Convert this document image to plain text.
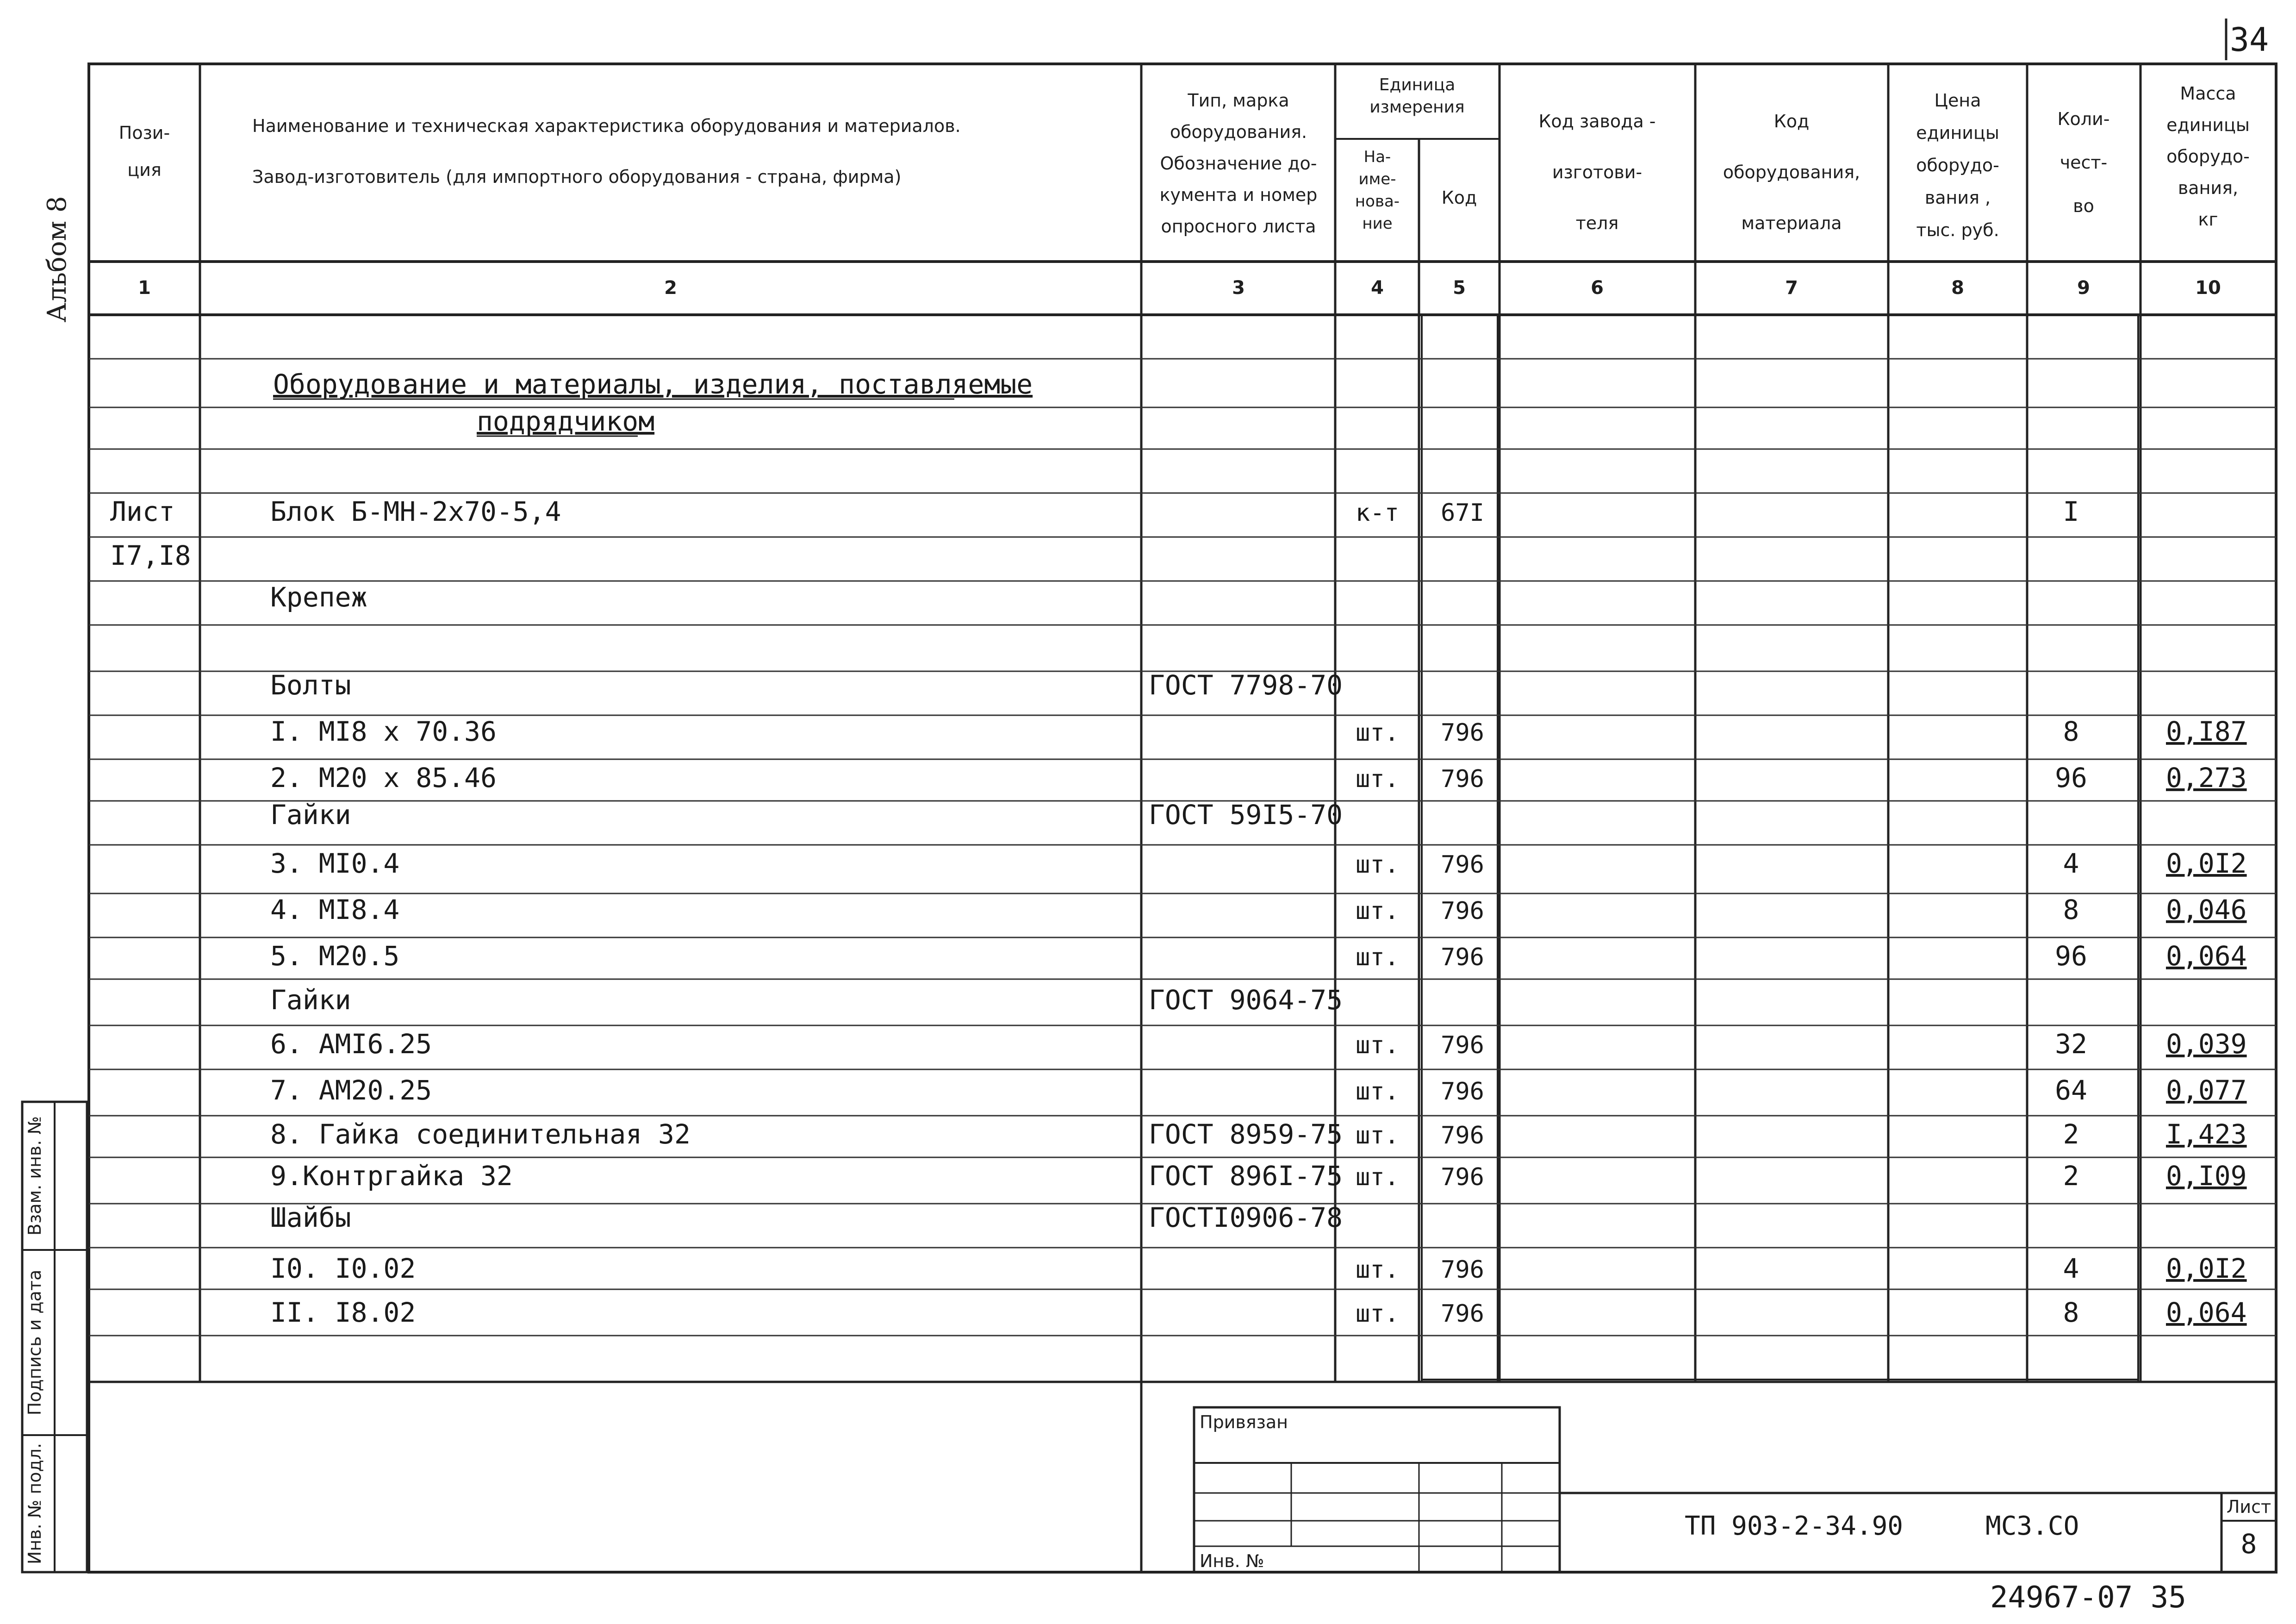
Альбом 8
Взам. инв. №
Подпись и дата
Инв. № подл.
34
Пози-
ция
Наименование и техническая характеристика оборудования и материалов.
Завод-изготовитель (для импортного оборудования - страна, фирма)
Тип, марка
оборудования.
Обозначение до-
кумента и номер
опросного листа
Единица
измерения
На-
име-
нова-
ние
Код
Код завода -
изготови-
теля
Код
оборудования,
материала
Цена
единицы
оборудо-
вания ,
тыс. руб.
Коли-
чест-
во
Масса
единицы
оборудо-
вания,
кг
1	2	3	4	5	6	7	8	9	10
Оборудование и материалы, изделия, поставляемые
подрядчиком
Лист	Блок Б-МН-2х70-5,4	к-т 67I	I
I7,I8
Крепеж
Болты	ГОСТ 7798-70
I. MI8 х 70.36	шт. 796	8	0,I87
2. M20 х 85.46	шт. 796	96	0,273
Гайки	ГОСТ 59I5-70
3. MI0.4	шт. 796	4	0,0I2
4. MI8.4	шт. 796	8	0,046
5. M20.5	шт. 796	96	0,064
Гайки	ГОСТ 9064-75
6. AMI6.25	шт. 796	32	0,039
7. AM20.25	шт. 796	64	0,077
8. Гайка соединительная 32	ГОСТ 8959-75 шт. 796	2	I,423
9.Контргайка 32	ГОСТ 896I-75 шт. 796	2	0,I09
Шайбы	ГОСТI0906-78
I0. I0.02	шт. 796	4	0,0I2
II. I8.02	шт. 796	8	0,064
Привязан
Инв. №
ТП 903-2-34.90	МСЗ.СО
Лист
8
24967-07 35
